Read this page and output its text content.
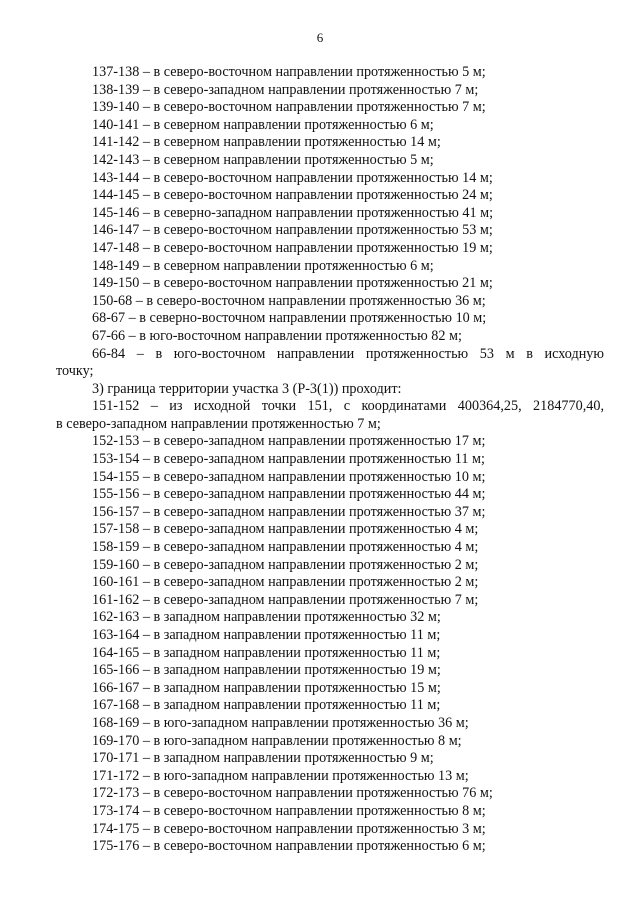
6
137-138 – в северо-восточном направлении протяженностью 5 м;
138-139 – в северо-западном направлении протяженностью 7 м;
139-140 – в северо-восточном направлении протяженностью 7 м;
140-141 – в северном направлении протяженностью 6 м;
141-142 – в северном направлении протяженностью 14 м;
142-143 – в северном направлении протяженностью 5 м;
143-144 – в северо-восточном направлении протяженностью 14 м;
144-145 – в северо-восточном направлении протяженностью 24 м;
145-146 – в северно-западном направлении протяженностью 41 м;
146-147 – в северо-восточном направлении протяженностью 53 м;
147-148 – в северо-восточном направлении протяженностью 19 м;
148-149 – в северном направлении протяженностью 6 м;
149-150 – в северо-восточном направлении протяженностью 21 м;
150-68 – в северо-восточном направлении протяженностью 36 м;
68-67 – в северно-восточном направлении протяженностью 10 м;
67-66 – в юго-восточном направлении протяженностью 82 м;
66-84 – в юго-восточном направлении протяженностью 53 м в исходную
точку;
3) граница территории участка 3 (Р-3(1)) проходит:
151-152 – из исходной точки 151, с координатами 400364,25, 2184770,40,
в северо-западном направлении протяженностью 7 м;
152-153 – в северо-западном направлении протяженностью 17 м;
153-154 – в северо-западном направлении протяженностью 11 м;
154-155 – в северо-западном направлении протяженностью 10 м;
155-156 – в северо-западном направлении протяженностью 44 м;
156-157 – в северо-западном направлении протяженностью 37 м;
157-158 – в северо-западном направлении протяженностью 4 м;
158-159 – в северо-западном направлении протяженностью 4 м;
159-160 – в северо-западном направлении протяженностью 2 м;
160-161 – в северо-западном направлении протяженностью 2 м;
161-162 – в северо-западном направлении протяженностью 7 м;
162-163 – в западном направлении протяженностью 32 м;
163-164 – в западном направлении протяженностью 11 м;
164-165 – в западном направлении протяженностью 11 м;
165-166 – в западном направлении протяженностью 19 м;
166-167 – в западном направлении протяженностью 15 м;
167-168 – в западном направлении протяженностью 11 м;
168-169 – в юго-западном направлении протяженностью 36 м;
169-170 – в юго-западном направлении протяженностью 8 м;
170-171 – в западном направлении протяженностью 9 м;
171-172 – в юго-западном направлении протяженностью 13 м;
172-173 – в северо-восточном направлении протяженностью 76 м;
173-174 – в северо-восточном направлении протяженностью 8 м;
174-175 – в северо-восточном направлении протяженностью 3 м;
175-176 – в северо-восточном направлении протяженностью 6 м;
